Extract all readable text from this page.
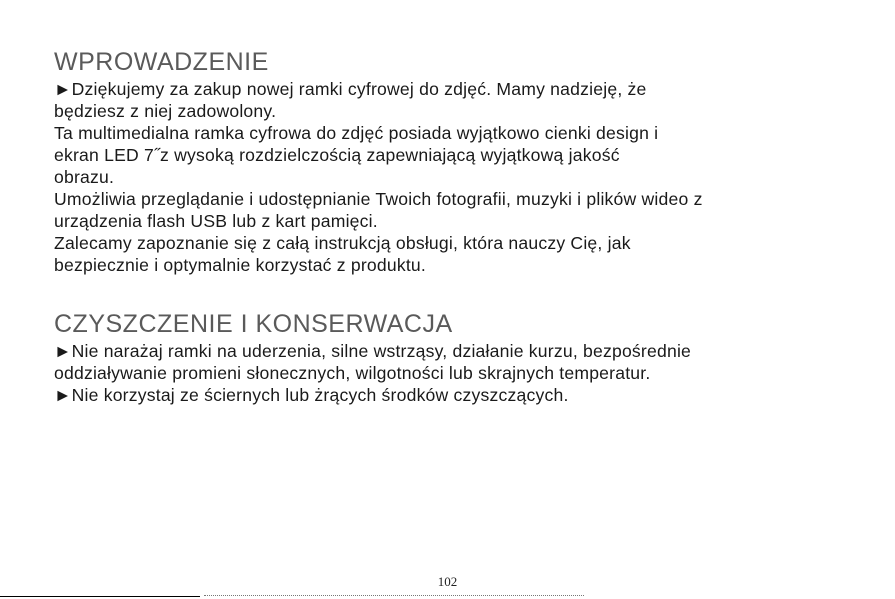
WPROWADZENIE
►Dziękujemy za zakup nowej ramki cyfrowej do zdjęć. Mamy nadzieję, że
będziesz z niej zadowolony.
Ta multimedialna ramka cyfrowa do zdjęć posiada wyjątkowo cienki design i
ekran LED 7˝z wysoką rozdzielczością zapewniającą wyjątkową jakość
obrazu.
Umożliwia przeglądanie i udostępnianie Twoich fotografii, muzyki i plików wideo z
urządzenia flash USB lub z kart pamięci.
Zalecamy zapoznanie się z całą instrukcją obsługi, która nauczy Cię, jak
bezpiecznie i optymalnie korzystać z produktu.
CZYSZCZENIE I KONSERWACJA
►Nie narażaj ramki na uderzenia, silne wstrząsy, działanie kurzu, bezpośrednie
oddziaływanie promieni słonecznych, wilgotności lub skrajnych temperatur.
►Nie korzystaj ze ściernych lub żrących środków czyszczących.
102
